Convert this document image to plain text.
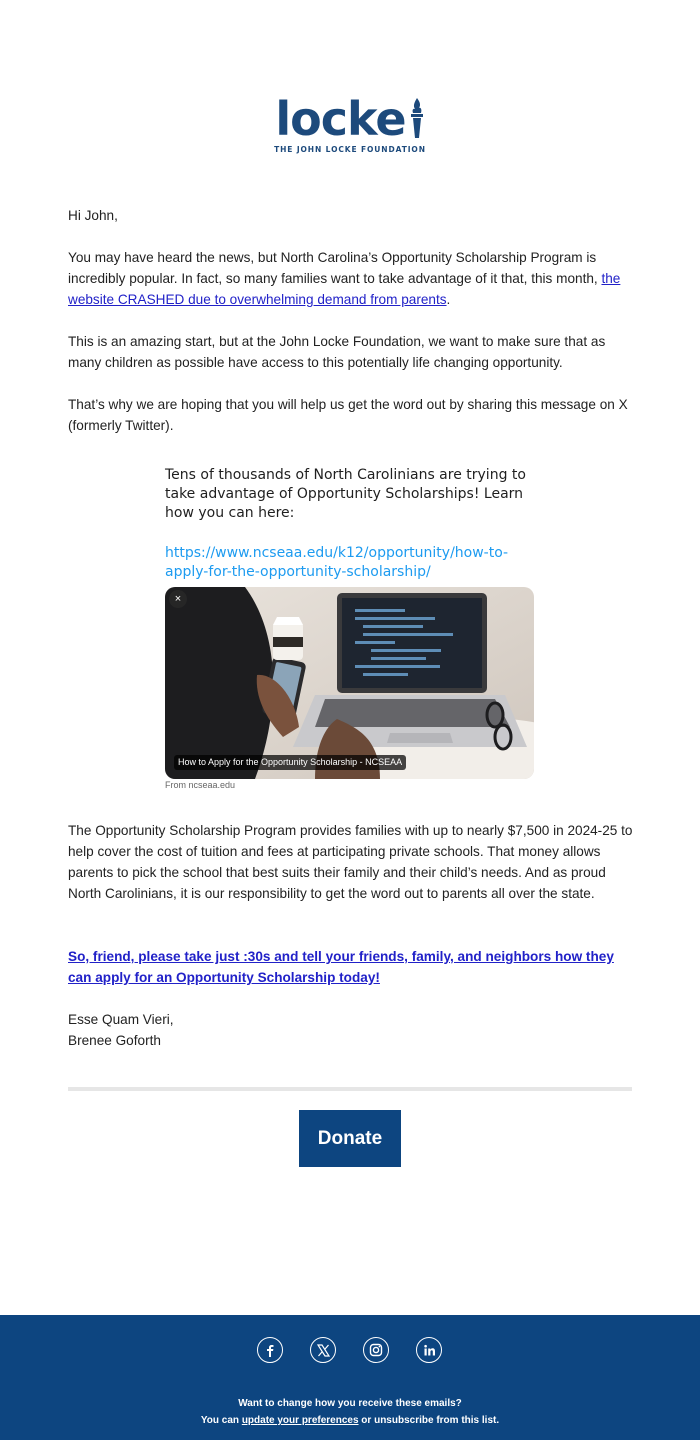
locke
THE JOHN LOCKE FOUNDATION
Hi John,
You may have heard the news, but North Carolina’s Opportunity Scholarship Program is incredibly popular. In fact, so many families want to take advantage of it that, this month, the website CRASHED due to overwhelming demand from parents.
This is an amazing start, but at the John Locke Foundation, we want to make sure that as many children as possible have access to this potentially life changing opportunity.
That’s why we are hoping that you will help us get the word out by sharing this message on X (formerly Twitter).
The Opportunity Scholarship Program provides families with up to nearly $7,500 in 2024-25 to help cover the cost of tuition and fees at participating private schools. That money allows parents to pick the school that best suits their family and their child’s needs. And as proud North Carolinians, it is our responsibility to get the word out to parents all over the state.
So, friend, please take just :30s and tell your friends, family, and neighbors how they can apply for an Opportunity Scholarship today!
Esse Quam Vieri,
Brenee Goforth
Tens of thousands of North Carolinians are trying to take advantage of Opportunity Scholarships! Learn how you can here:
https://www.ncseaa.edu/k12/opportunity/how-to-apply-for-the-opportunity-scholarship/
×
How to Apply for the Opportunity Scholarship - NCSEAA
From ncseaa.edu
Donate
Want to change how you receive these emails?
You can update your preferences or unsubscribe from this list.
